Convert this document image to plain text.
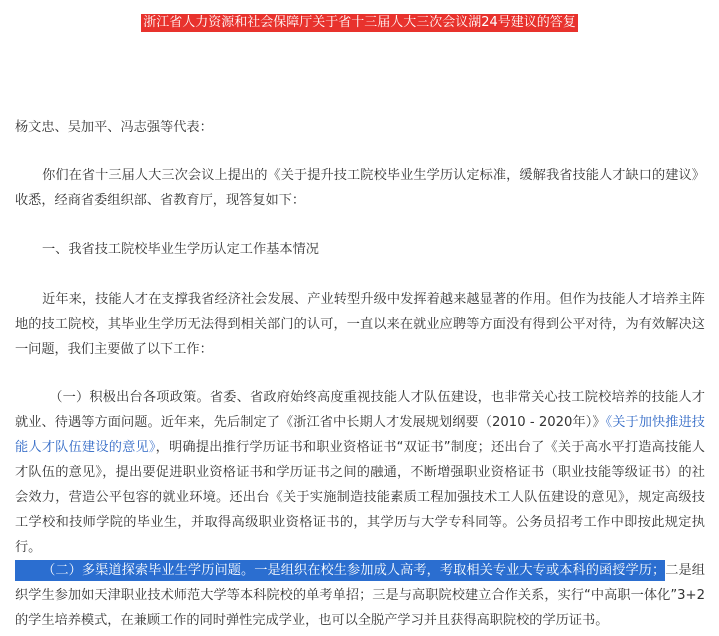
浙江省人力资源和社会保障厅关于省十三届人大三次会议湖24号建议的答复

杨文忠、吴加平、冯志强等代表：

你们在省十三届人大三次会议上提出的《关于提升技工院校毕业生学历认定标准，缓解我省技能人才缺口的建议》收悉，经商省委组织部、省教育厅，现答复如下：

一、我省技工院校毕业生学历认定工作基本情况

近年来，技能人才在支撑我省经济社会发展、产业转型升级中发挥着越来越显著的作用。但作为技能人才培养主阵地的技工院校，其毕业生学历无法得到相关部门的认可，一直以来在就业应聘等方面没有得到公平对待，为有效解决这一问题，我们主要做了以下工作：

（一）积极出台各项政策。省委、省政府始终高度重视技能人才队伍建设，也非常关心技工院校培养的技能人才就业、待遇等方面问题。近年来，先后制定了《浙江省中长期人才发展规划纲要（2010 - 2020年）》《关于加快推进技能人才队伍建设的意见》，明确提出推行学历证书和职业资格证书“双证书”制度；还出台了《关于高水平打造高技能人才队伍的意见》，提出要促进职业资格证书和学历证书之间的融通，不断增强职业资格证书（职业技能等级证书）的社会效力，营造公平包容的就业环境。还出台《关于实施制造技能素质工程加强技术工人队伍建设的意见》，规定高级技工学校和技师学院的毕业生，并取得高级职业资格证书的，其学历与大学专科同等。公务员招考工作中即按此规定执行。

（二）多渠道探索毕业生学历问题。一是组织在校生参加成人高考，考取相关专业大专或本科的函授学历；二是组织学生参加如天津职业技术师范大学等本科院校的单考单招；三是与高职院校建立合作关系，实行“中高职一体化”3+2的学生培养模式，在兼顾工作的同时弹性完成学业，也可以全脱产学习并且获得高职院校的学历证书。
